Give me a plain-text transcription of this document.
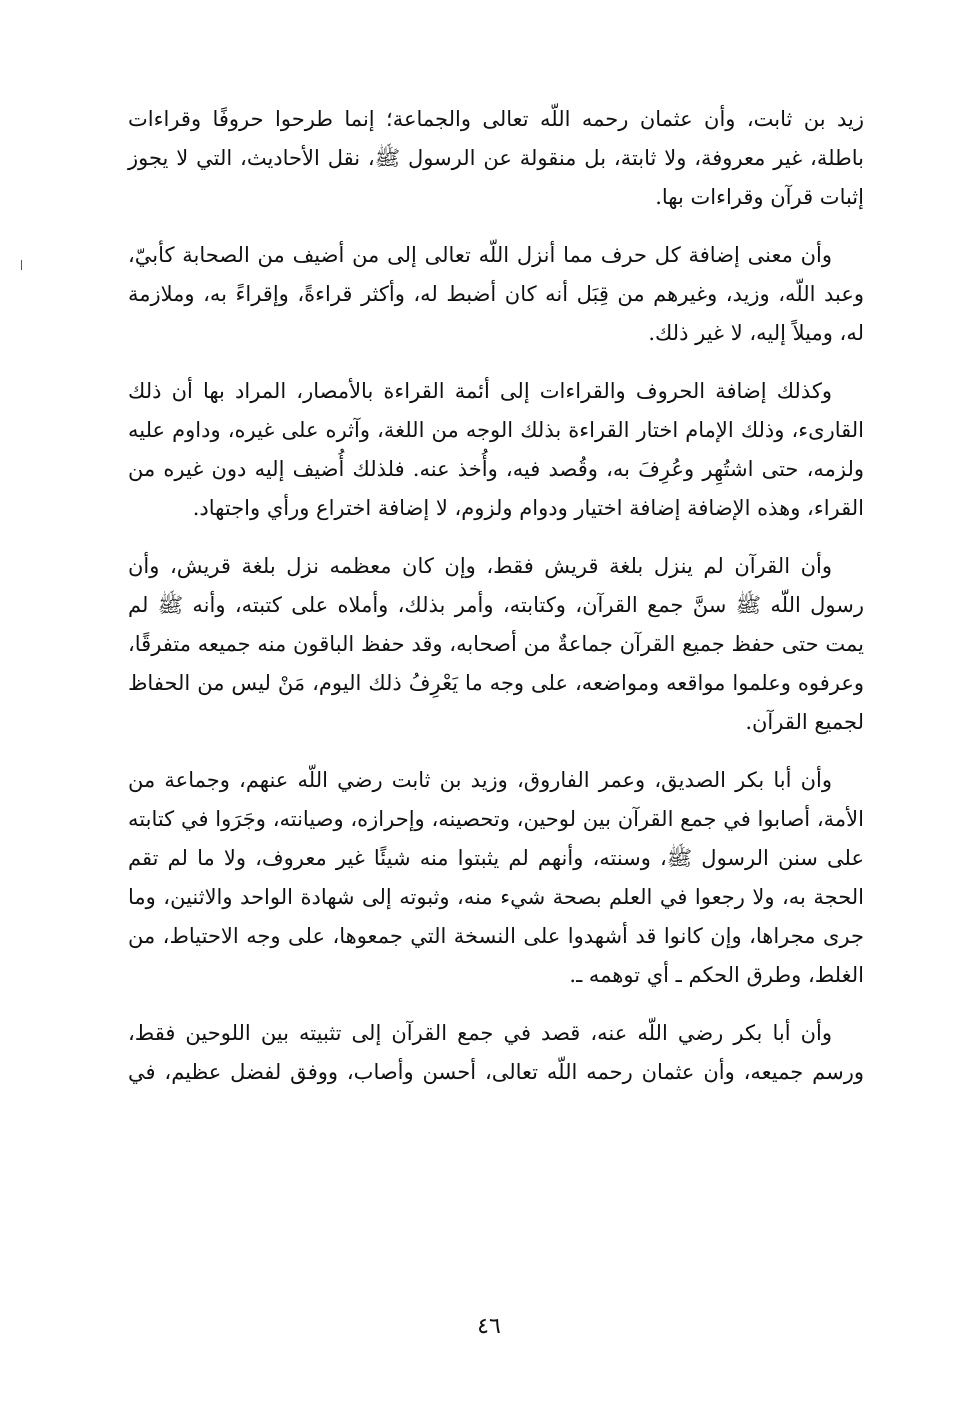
زيد بن ثابت، وأن عثمان رحمه اللّه تعالى والجماعة؛ إنما طرحوا حروفًا وقراءات باطلة، غير معروفة، ولا ثابتة، بل منقولة عن الرسول ﷺ، نقل الأحاديث، التي لا يجوز إثبات قرآن وقراءات بها.

وأن معنى إضافة كل حرف مما أنزل اللّه تعالى إلى من أضيف من الصحابة كأبيّ، وعبد اللّه، وزيد، وغيرهم من قِبَل أنه كان أضبط له، وأكثر قراءةً، وإقراءً به، وملازمة له، وميلاً إليه، لا غير ذلك.

وكذلك إضافة الحروف والقراءات إلى أئمة القراءة بالأمصار، المراد بها أن ذلك القارىء، وذلك الإمام اختار القراءة بذلك الوجه من اللغة، وآثره على غيره، وداوم عليه ولزمه، حتى اشتُهِر وعُرِفَ به، وقُصد فيه، وأُخذ عنه. فلذلك أُضيف إليه دون غيره من القراء، وهذه الإضافة إضافة اختيار ودوام ولزوم، لا إضافة اختراع ورأي واجتهاد.

وأن القرآن لم ينزل بلغة قريش فقط، وإن كان معظمه نزل بلغة قريش، وأن رسول اللّه ﷺ سنَّ جمع القرآن، وكتابته، وأمر بذلك، وأملاه على كتبته، وأنه ﷺ لم يمت حتى حفظ جميع القرآن جماعةٌ من أصحابه، وقد حفظ الباقون منه جميعه متفرقًا، وعرفوه وعلموا مواقعه ومواضعه، على وجه ما يَعْرِفُ ذلك اليوم، مَنْ ليس من الحفاظ لجميع القرآن.

وأن أبا بكر الصديق، وعمر الفاروق، وزيد بن ثابت رضي اللّه عنهم، وجماعة من الأمة، أصابوا في جمع القرآن بين لوحين، وتحصينه، وإحرازه، وصيانته، وجَرَوا في كتابته على سنن الرسول ﷺ، وسنته، وأنهم لم يثبتوا منه شيئًا غير معروف، ولا ما لم تقم الحجة به، ولا رجعوا في العلم بصحة شيء منه، وثبوته إلى شهادة الواحد والاثنين، وما جرى مجراها، وإن كانوا قد أشهدوا على النسخة التي جمعوها، على وجه الاحتياط، من الغلط، وطرق الحكم ـ أي توهمه ـ.

وأن أبا بكر رضي اللّه عنه، قصد في جمع القرآن إلى تثبيته بين اللوحين فقط، ورسم جميعه، وأن عثمان رحمه اللّه تعالى، أحسن وأصاب، ووفق لفضل عظيم، في

٤٦
